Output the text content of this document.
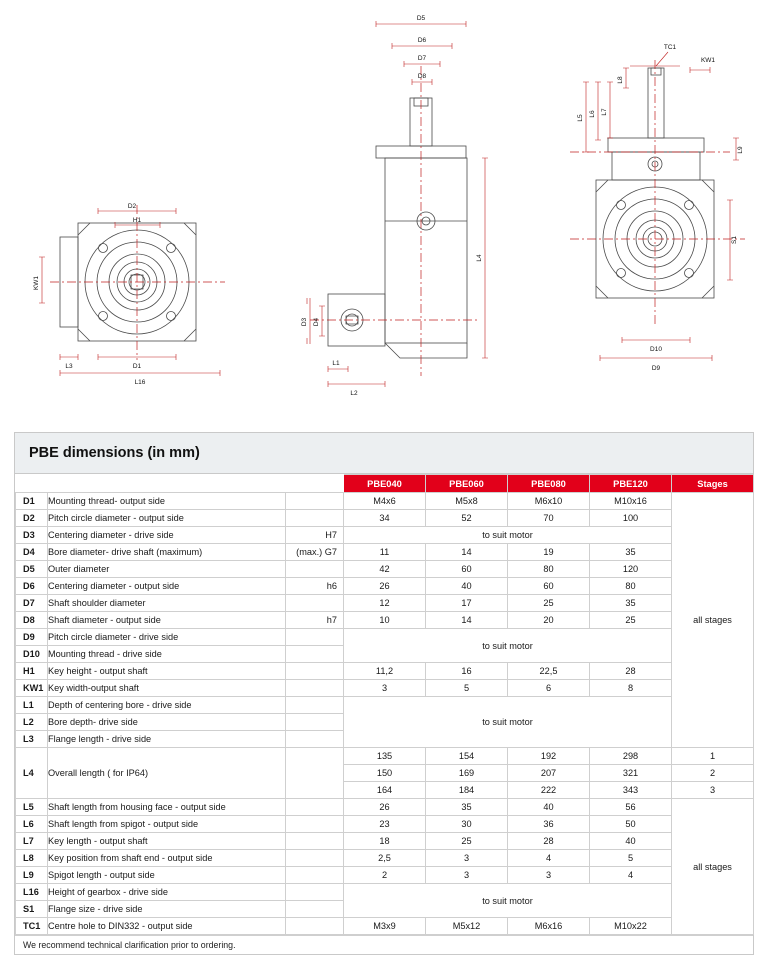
D2
H1
KW1
L3	D1
L16
D5
D6
D7
D8
L4
D3 D4
L1
L2
TC1
KW1
L8
L5
L6 L7
L9
S1
D10
D9
PBE dimensions (in mm)
			PBE040	PBE060	PBE080	PBE120	Stages
D1	Mounting thread- output side		M4x6	M5x8	M6x10	M10x16	all stages
D2	Pitch circle diameter - output side		34	52	70	100	
D3	Centering diameter - drive side	H7	to suit motor				
D4	Bore diameter- drive shaft (maximum)	(max.) G7	11	14	19	35	
D5	Outer diameter		42	60	80	120	
D6	Centering diameter - output side	h6	26	40	60	80	
D7	Shaft shoulder diameter		12	17	25	35	
D8	Shaft diameter - output side	h7	10	14	20	25	
D9	Pitch circle diameter - drive side		to suit motor				
D10	Mounting thread - drive side						
H1	Key height - output shaft		11,2	16	22,5	28	
KW1	Key width-output shaft		3	5	6	8	
L1	Depth of centering bore - drive side		to suit motor				
L2	Bore depth- drive side						
L3	Flange length - drive side						
L4	Overall length ( for IP64)		135	154	192	298	1
			150	169	207	321	2
			164	184	222	343	3
L5	Shaft length from housing face - output side		26	35	40	56	all stages
L6	Shaft length from spigot - output side		23	30	36	50	
L7	Key length - output shaft		18	25	28	40	
L8	Key position from shaft end - output side		2,5	3	4	5	
L9	Spigot length - output side		2	3	3	4	
L16	Height of gearbox - drive side		to suit motor				
S1	Flange size - drive side						
TC1	Centre hole to DIN332 - output side		M3x9	M5x12	M6x16	M10x22	
We recommend technical clarification prior to ordering.
